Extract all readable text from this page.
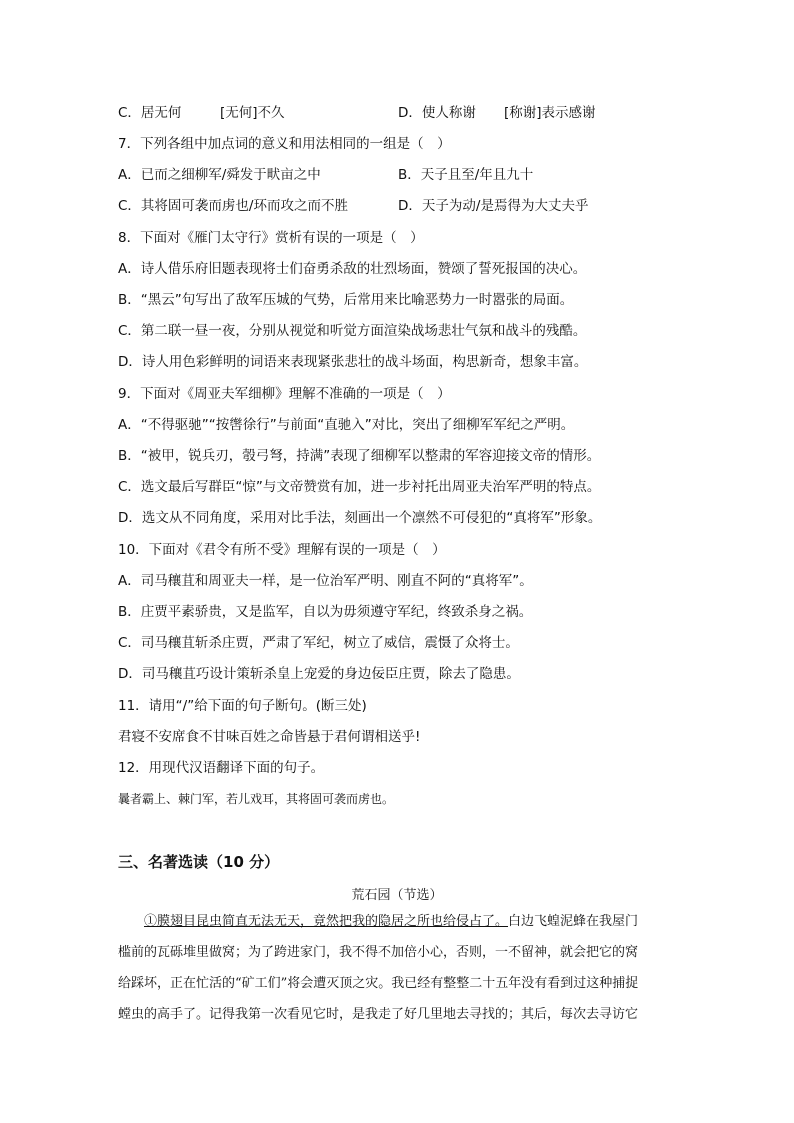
C．居无何	[无何]不久	D．使人称谢 [称谢]表示感谢
7．下列各组中加点词的意义和用法相同的一组是（　）
A．已而之细柳军/舜发于畎亩之中	B．天子且至/年且九十
C．其将固可袭而虏也/环而攻之而不胜	D．天子为动/是焉得为大丈夫乎
8．下面对《雁门太守行》赏析有误的一项是（　）
A．诗人借乐府旧题表现将士们奋勇杀敌的壮烈场面，赞颂了誓死报国的决心。
B．“黑云”句写出了敌军压城的气势，后常用来比喻恶势力一时嚣张的局面。
C．第二联一昼一夜，分别从视觉和听觉方面渲染战场悲壮气氛和战斗的残酷。
D．诗人用色彩鲜明的词语来表现紧张悲壮的战斗场面，构思新奇，想象丰富。
9．下面对《周亚夫军细柳》理解不准确的一项是（　）
A．“不得驱驰”“按辔徐行”与前面“直驰入”对比，突出了细柳军军纪之严明。
B．“被甲，锐兵刃，彀弓弩，持满”表现了细柳军以整肃的军容迎接文帝的情形。
C．选文最后写群臣“惊”与文帝赞赏有加，进一步衬托出周亚夫治军严明的特点。
D．选文从不同角度，采用对比手法，刻画出一个凛然不可侵犯的“真将军”形象。
10．下面对《君令有所不受》理解有误的一项是（　）
A．司马穰苴和周亚夫一样，是一位治军严明、刚直不阿的“真将军”。
B．庄贾平素骄贵，又是监军，自以为毋须遵守军纪，终致杀身之祸。
C．司马穰苴斩杀庄贾，严肃了军纪，树立了威信，震慑了众将士。
D．司马穰苴巧设计策斩杀皇上宠爱的身边佞臣庄贾，除去了隐患。
11．请用“/”给下面的句子断句。(断三处)
君寝不安席食不甘味百姓之命皆悬于君何谓相送乎!
12．用现代汉语翻译下面的句子。
曩者霸上、棘门军，若儿戏耳，其将固可袭而虏也。
三、名著选读（10 分）
荒石园（节选）
①膜翅目昆虫简直无法无天，竟然把我的隐居之所也给侵占了。白边飞蝗泥蜂在我屋门
槛前的瓦砾堆里做窝；为了跨进家门，我不得不加倍小心，否则，一不留神，就会把它的窝
给踩坏，正在忙活的“矿工们”将会遭灭顶之灾。我已经有整整二十五年没有看到过这种捕捉
螳虫的高手了。记得我第一次看见它时，是我走了好几里地去寻找的；其后，每次去寻访它
